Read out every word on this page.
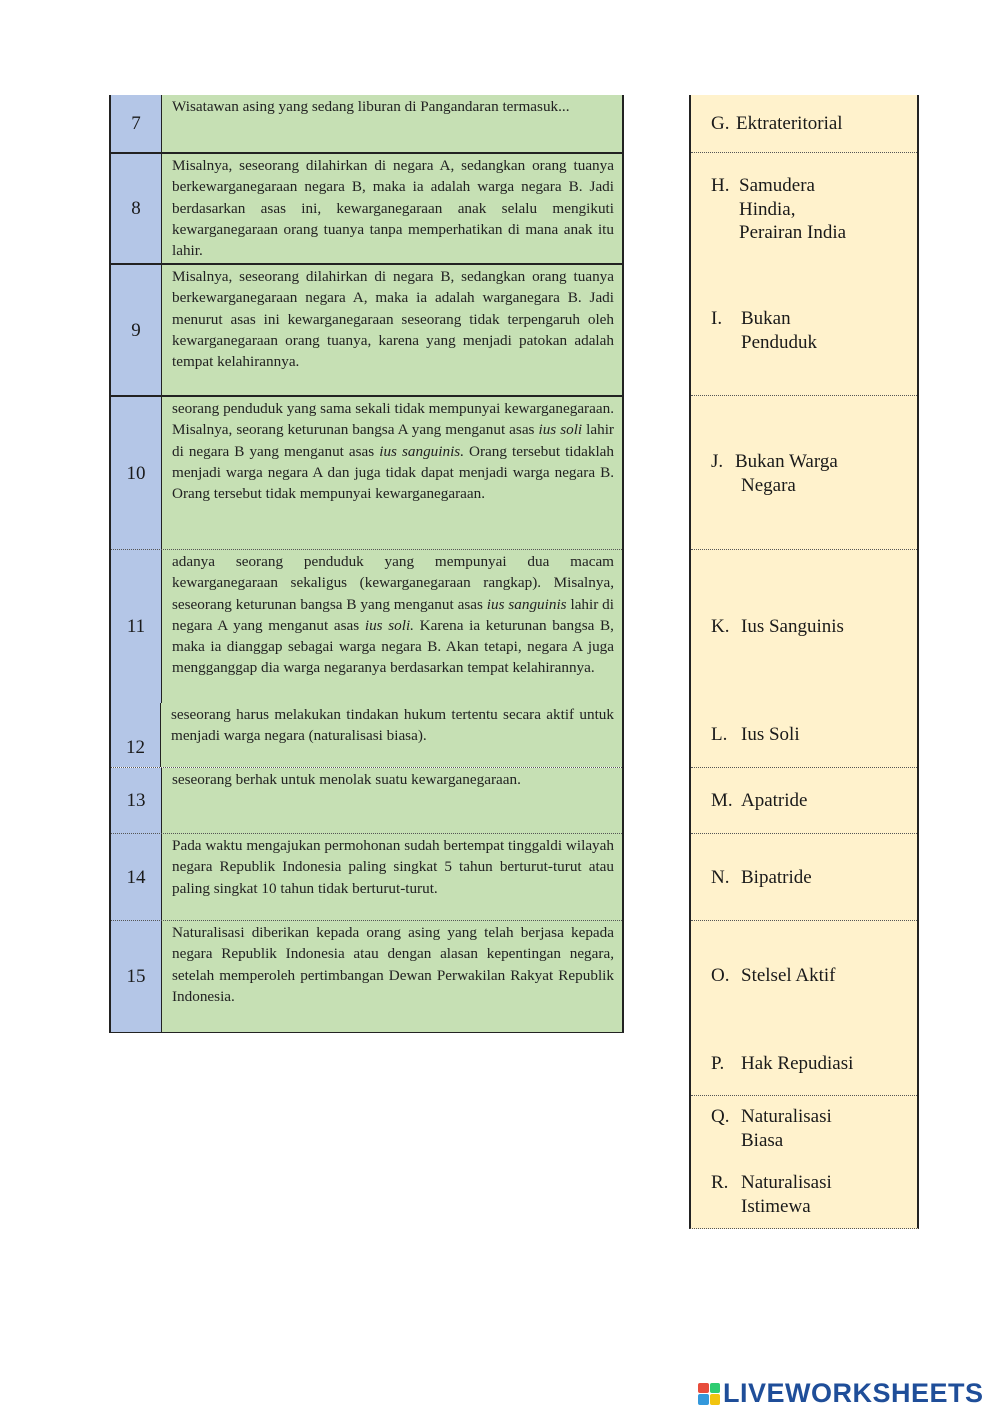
7
Wisatawan asing yang sedang liburan di Pangandaran termasuk...
8
Misalnya, seseorang dilahirkan di negara A, sedangkan orang tuanya berkewarganegaraan negara B, maka ia adalah warga negara B. Jadi berdasarkan asas ini, kewarganegaraan anak selalu mengikuti kewarganegaraan orang tuanya tanpa memperhatikan di mana anak itu lahir.
9
Misalnya, seseorang dilahirkan di negara B, sedangkan orang tuanya berkewarganegaraan negara A, maka ia adalah warganegara B. Jadi menurut asas ini kewarganegaraan seseorang tidak terpengaruh oleh kewarganegaraan orang tuanya, karena yang menjadi patokan adalah tempat kelahirannya.
10
seorang penduduk yang sama sekali tidak mempunyai kewarganegaraan. Misalnya, seorang keturunan bangsa A yang menganut asas ius soli lahir di negara B yang menganut asas ius sanguinis. Orang tersebut tidaklah menjadi warga negara A dan juga tidak dapat menjadi warga negara B. Orang tersebut tidak mempunyai kewarganegaraan.
11
adanya seorang penduduk yang mempunyai dua macam kewarganegaraan sekaligus (kewarganegaraan rangkap). Misalnya, seseorang keturunan bangsa B yang menganut asas ius sanguinis lahir di negara A yang menganut asas ius soli. Karena ia keturunan bangsa B, maka ia dianggap sebagai warga negara B. Akan tetapi, negara A juga mengganggap dia warga negaranya berdasarkan tempat kelahirannya.
12
seseorang harus melakukan tindakan hukum tertentu secara aktif untuk menjadi warga negara (naturalisasi biasa).
13
seseorang berhak untuk menolak suatu kewarganegaraan.
14
Pada waktu mengajukan permohonan sudah bertempat tinggaldi wilayah negara Republik Indonesia paling singkat 5 tahun berturut-turut atau paling singkat 10 tahun tidak berturut-turut.
15
Naturalisasi diberikan kepada orang asing yang telah berjasa kepada negara Republik Indonesia atau dengan alasan kepentingan negara, setelah memperoleh pertimbangan Dewan Perwakilan Rakyat Republik Indonesia.
G. Ektrateritorial
H. Samudera
Hindia,
Perairan India
I. Bukan
Penduduk
J. Bukan Warga
Negara
K. Ius Sanguinis
L. Ius Soli
M. Apatride
N. Bipatride
O. Stelsel Aktif
P. Hak Repudiasi
Q. Naturalisasi
Biasa
R. Naturalisasi
Istimewa
LIVEWORKSHEETS
